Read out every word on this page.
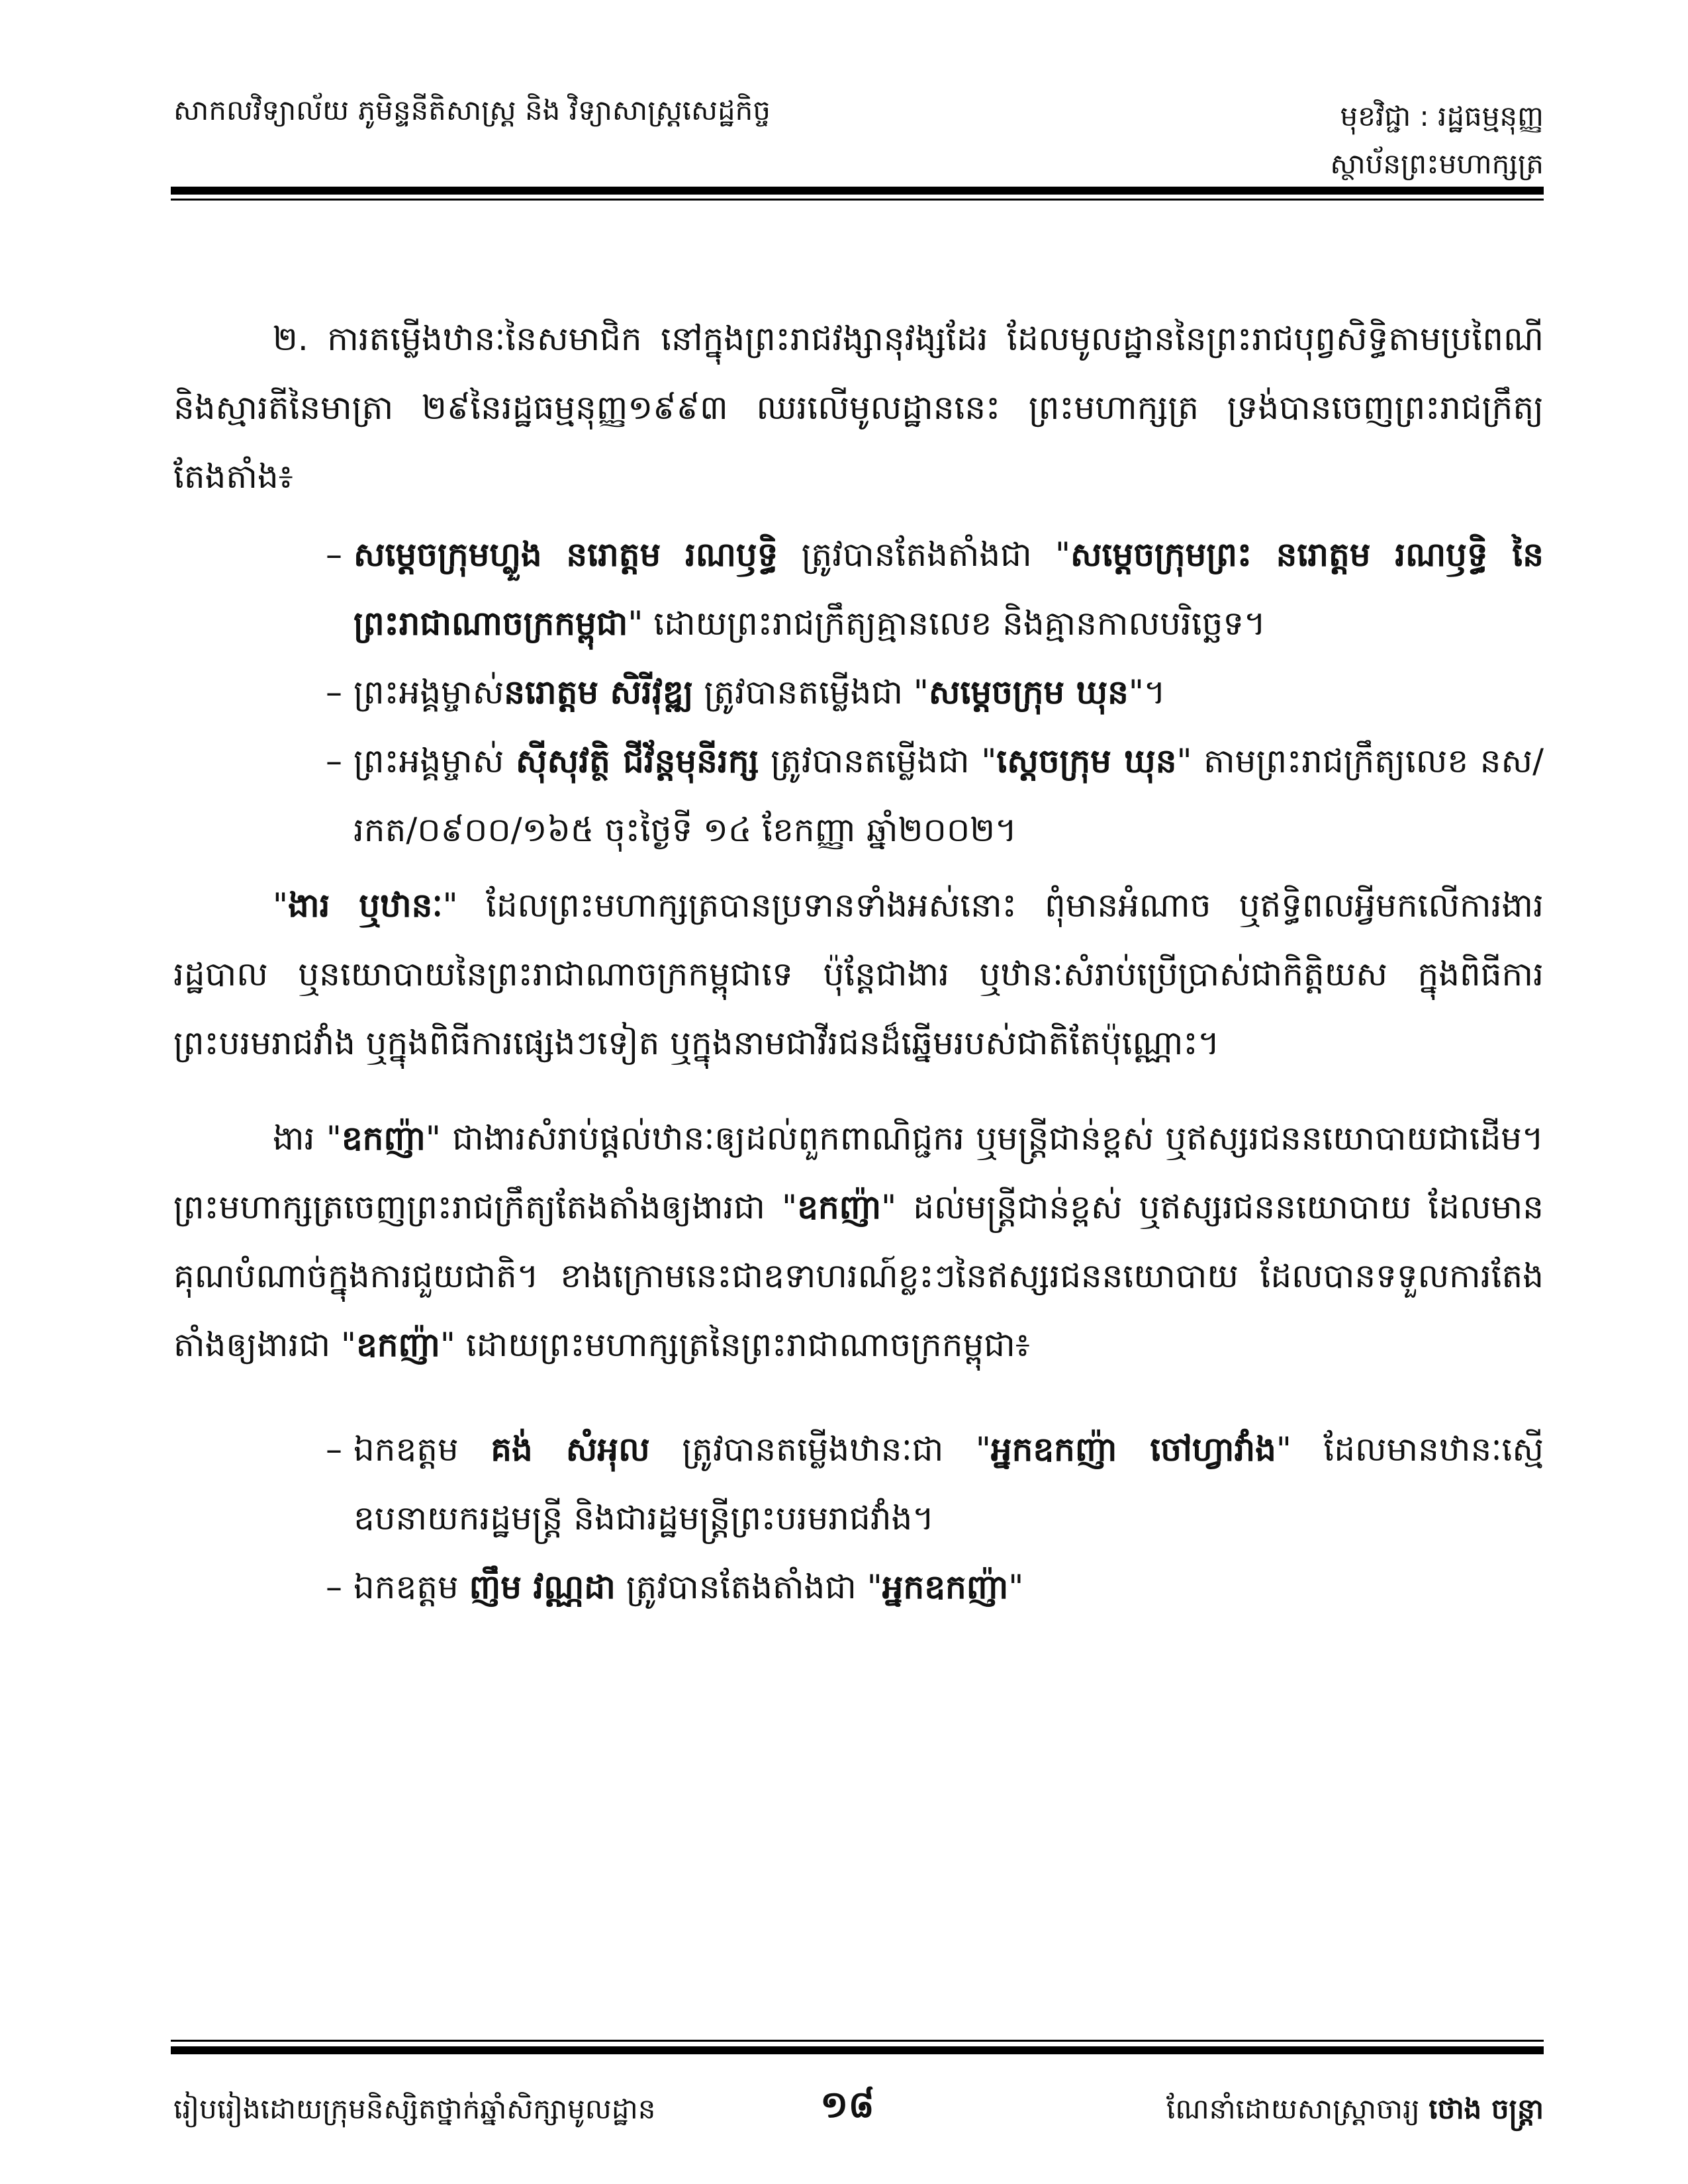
សាកលវិទ្យាល័យ ភូមិន្ទនីតិសាស្ត្រ និង វិទ្យាសាស្ត្រសេដ្ឋកិច្ច	មុខវិជ្ជា : រដ្ឋធម្មនុញ្ញ
ស្ថាប័នព្រះមហាក្សត្រ

២. ការតម្លើងឋានៈនៃសមាជិក នៅក្នុងព្រះរាជវង្សានុវង្សដែរ ដែលមូលដ្ឋាននៃព្រះរាជបុព្វសិទ្ធិតាមប្រពៃណី និងស្មារតីនៃមាត្រា ២៩នៃរដ្ឋធម្មនុញ្ញ១៩៩៣ ឈរលើមូលដ្ឋាននេះ ព្រះមហាក្សត្រ ទ្រង់បានចេញព្រះរាជក្រឹត្យតែងតាំង៖

– សម្តេចក្រុមហ្លួង នរោត្តម រណឫទ្ធិ ត្រូវបានតែងតាំងជា "សម្តេចក្រុមព្រះ នរោត្តម រណឫទ្ធិ នៃព្រះរាជាណាចក្រកម្ពុជា" ដោយព្រះរាជក្រឹត្យគ្មានលេខ និងគ្មានកាលបរិច្ឆេទ។
– ព្រះអង្គម្ចាស់នរោត្តម សិរីវុឌ្ឍ ត្រូវបានតម្លើងជា "សម្តេចក្រុម ឃុន"។
– ព្រះអង្គម្ចាស់ ស៊ីសុវត្ថិ ជីវ័ន្តមុនីរក្ស ត្រូវបានតម្លើងជា "ស្តេចក្រុម ឃុន" តាមព្រះរាជក្រឹត្យលេខ នស/រកត/០៩០០/១៦៥ ចុះថ្ងៃទី ១៤ ខែកញ្ញា ឆ្នាំ២០០២។

"ងារ ឬឋានៈ" ដែលព្រះមហាក្សត្របានប្រទានទាំងអស់នោះ ពុំមានអំណាច ឬឥទ្ធិពលអ្វីមកលើការងាររដ្ឋបាល ឬនយោបាយនៃព្រះរាជាណាចក្រកម្ពុជាទេ ប៉ុន្តែជាងារ ឬឋានៈសំរាប់ប្រើប្រាស់ជាកិត្តិយស ក្នុងពិធីការព្រះបរមរាជវាំង ឬក្នុងពិធីការផ្សេងៗទៀត ឬក្នុងនាមជាវីរជនដ៏ឆ្នើមរបស់ជាតិតែប៉ុណ្ណោះ។

ងារ "ឧកញ៉ា" ជាងារសំរាប់ផ្តល់ឋានៈឲ្យដល់ពួកពាណិជ្ជករ ឬមន្ត្រីជាន់ខ្ពស់ ឬឥស្សរជននយោបាយជាដើម។ ព្រះមហាក្សត្រចេញព្រះរាជក្រឹត្យតែងតាំងឲ្យងារជា "ឧកញ៉ា" ដល់មន្ត្រីជាន់ខ្ពស់ ឬឥស្សរជននយោបាយ ដែលមានគុណបំណាច់ក្នុងការជួយជាតិ។ ខាងក្រោមនេះជាឧទាហរណ៍ខ្លះៗនៃឥស្សរជននយោបាយ ដែលបានទទួលការតែងតាំងឲ្យងារជា "ឧកញ៉ា" ដោយព្រះមហាក្សត្រនៃព្រះរាជាណាចក្រកម្ពុជា៖

– ឯកឧត្តម គង់ សំអុល ត្រូវបានតម្លើងឋានៈជា "អ្នកឧកញ៉ា ចៅហ្វាវាំង" ដែលមានឋានៈស្មើ ឧបនាយករដ្ឋមន្ត្រី និងជារដ្ឋមន្ត្រីព្រះបរមរាជវាំង។
– ឯកឧត្តម ញឹម វណ្ណដា ត្រូវបានតែងតាំងជា "អ្នកឧកញ៉ា"
រៀបរៀងដោយក្រុមនិស្សិតថ្នាក់ឆ្នាំសិក្សាមូលដ្ឋាន	១៨	ណែនាំដោយសាស្ត្រាចារ្យ ថោង ចន្ត្រា
